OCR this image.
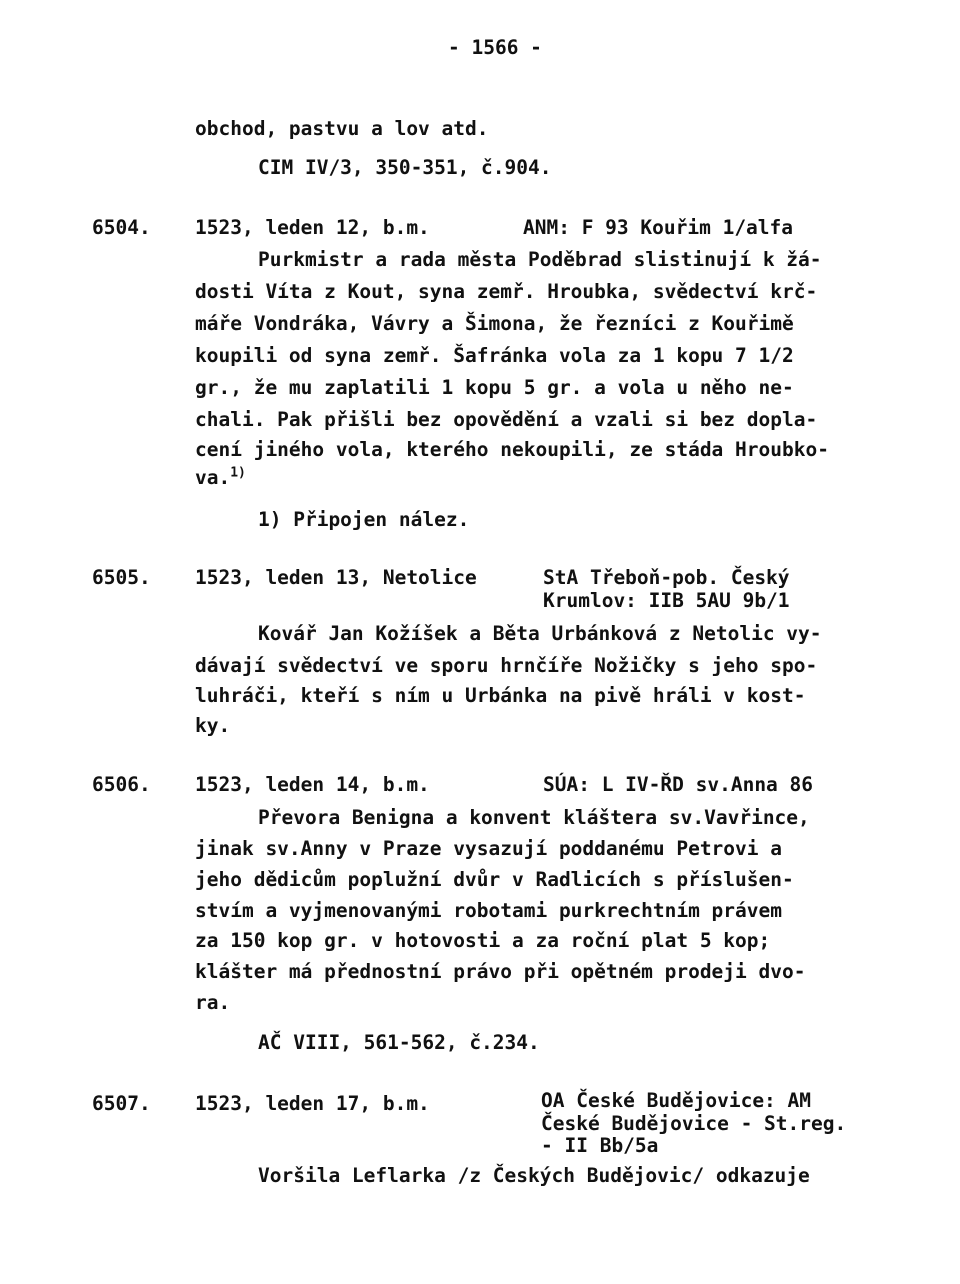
- 1566 -
obchod, pastvu a lov atd.
CIM IV/3, 350-351, č.904.
6504. 1523, leden 12, b.m.	ANM: F 93 Kouřim 1/alfa
Purkmistr a rada města Poděbrad slistinují k žá-
dosti Víta z Kout, syna zemř. Hroubka, svědectví krč-
máře Vondráka, Vávry a Šimona, že řezníci z Kouřimě
koupili od syna zemř. Šafránka vola za 1 kopu 7 1/2
gr., že mu zaplatili 1 kopu 5 gr. a vola u něho ne-
chali. Pak přišli bez opovědění a vzali si bez dopla-
cení jiného vola, kterého nekoupili, ze stáda Hroubko-
va.$^{1)}$
1) Připojen nález.
6505. 1523, leden 13, Netolice	StA Třeboň-pob. Český
Krumlov: IIB 5AU 9b/1
Kovář Jan Kožíšek a Běta Urbánková z Netolic vy-
dávají svědectví ve sporu hrnčíře Nožičky s jeho spo-
luhráči, kteří s ním u Urbánka na pivě hráli v kost-
ky.
6506. 1523, leden 14, b.m.	SÚA: L IV-ŘD sv.Anna 86
Převora Benigna a konvent kláštera sv.Vavřince,
jinak sv.Anny v Praze vysazují poddanému Petrovi a
jeho dědicům poplužní dvůr v Radlicích s příslušen-
stvím a vyjmenovanými robotami purkrechtním právem
za 150 kop gr. v hotovosti a za roční plat 5 kop;
klášter má přednostní právo při opětném prodeji dvo-
ra.
AČ VIII, 561-562, č.234.
6507. 1523, leden 17, b.m.	OA České Budějovice: AM
České Budějovice - St.reg.
- II Bb/5a
Voršila Leflarka /z Českých Budějovic/ odkazuje
